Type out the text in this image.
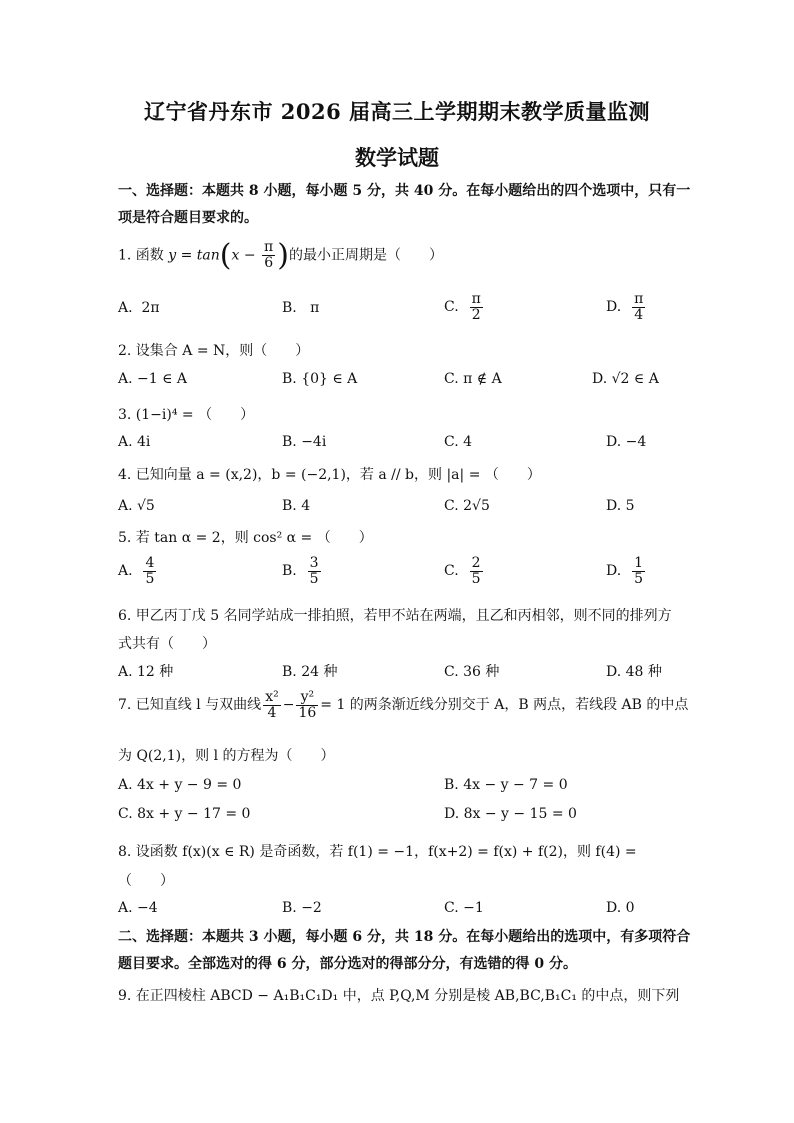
辽宁省丹东市 2026 届高三上学期期末教学质量监测
数学试题
一、选择题：本题共 8 小题，每小题 5 分，共 40 分。在每小题给出的四个选项中，只有一
项是符合题目要求的。
1. 函数 $y = \tan(x - \frac{\pi}{6}$ )的最小正周期是（　　）
A. 2π	B. π	C. $\frac{\pi}{2}$	D. $\frac{\pi}{4}$
2. 设集合 A = N，则（　　）
A. −1 ∈ A	B. {0} ∈ A	C. π ∉ A	D. √2 ∈ A
3. (1−i)⁴ = （　　）
A. 4i	B. −4i	C. 4	D. −4
4. 已知向量 a = (x,2)，b = (−2,1)，若 a // b，则 |a| = （　　）
A. √5	B. 4	C. 2√5	D. 5
5. 若 tan α = 2，则 cos² α = （　　）
A. $\frac{4}{5}$	B. $\frac{3}{5}$	C. $\frac{2}{5}$	D. $\frac{1}{5}$
6. 甲乙丙丁戊 5 名同学站成一排拍照，若甲不站在两端，且乙和丙相邻，则不同的排列方
式共有（　　）
A. 12 种	B. 24 种	C. 36 种	D. 48 种
7. 已知直线 l 与双曲线 $\frac{\text{x²}}{4} - \frac{\text{y²}}{16} = 1$ 的两条渐近线分别交于 A，B 两点，若线段 AB 的中点
为 Q(2,1)，则 l 的方程为（　　）
A. 4x + y − 9 = 0	B. 4x − y − 7 = 0
C. 8x + y − 17 = 0	D. 8x − y − 15 = 0
8. 设函数 f(x)(x ∈ R) 是奇函数，若 f(1) = −1，f(x+2) = f(x) + f(2)，则 f(4) =
（　　）
A. −4	B. −2	C. −1	D. 0
二、选择题：本题共 3 小题，每小题 6 分，共 18 分。在每小题给出的选项中，有多项符合
题目要求。全部选对的得 6 分，部分选对的得部分分，有选错的得 0 分。
9. 在正四棱柱 ABCD − A₁B₁C₁D₁ 中，点 P,Q,M 分别是棱 AB,BC,B₁C₁ 的中点，则下列
